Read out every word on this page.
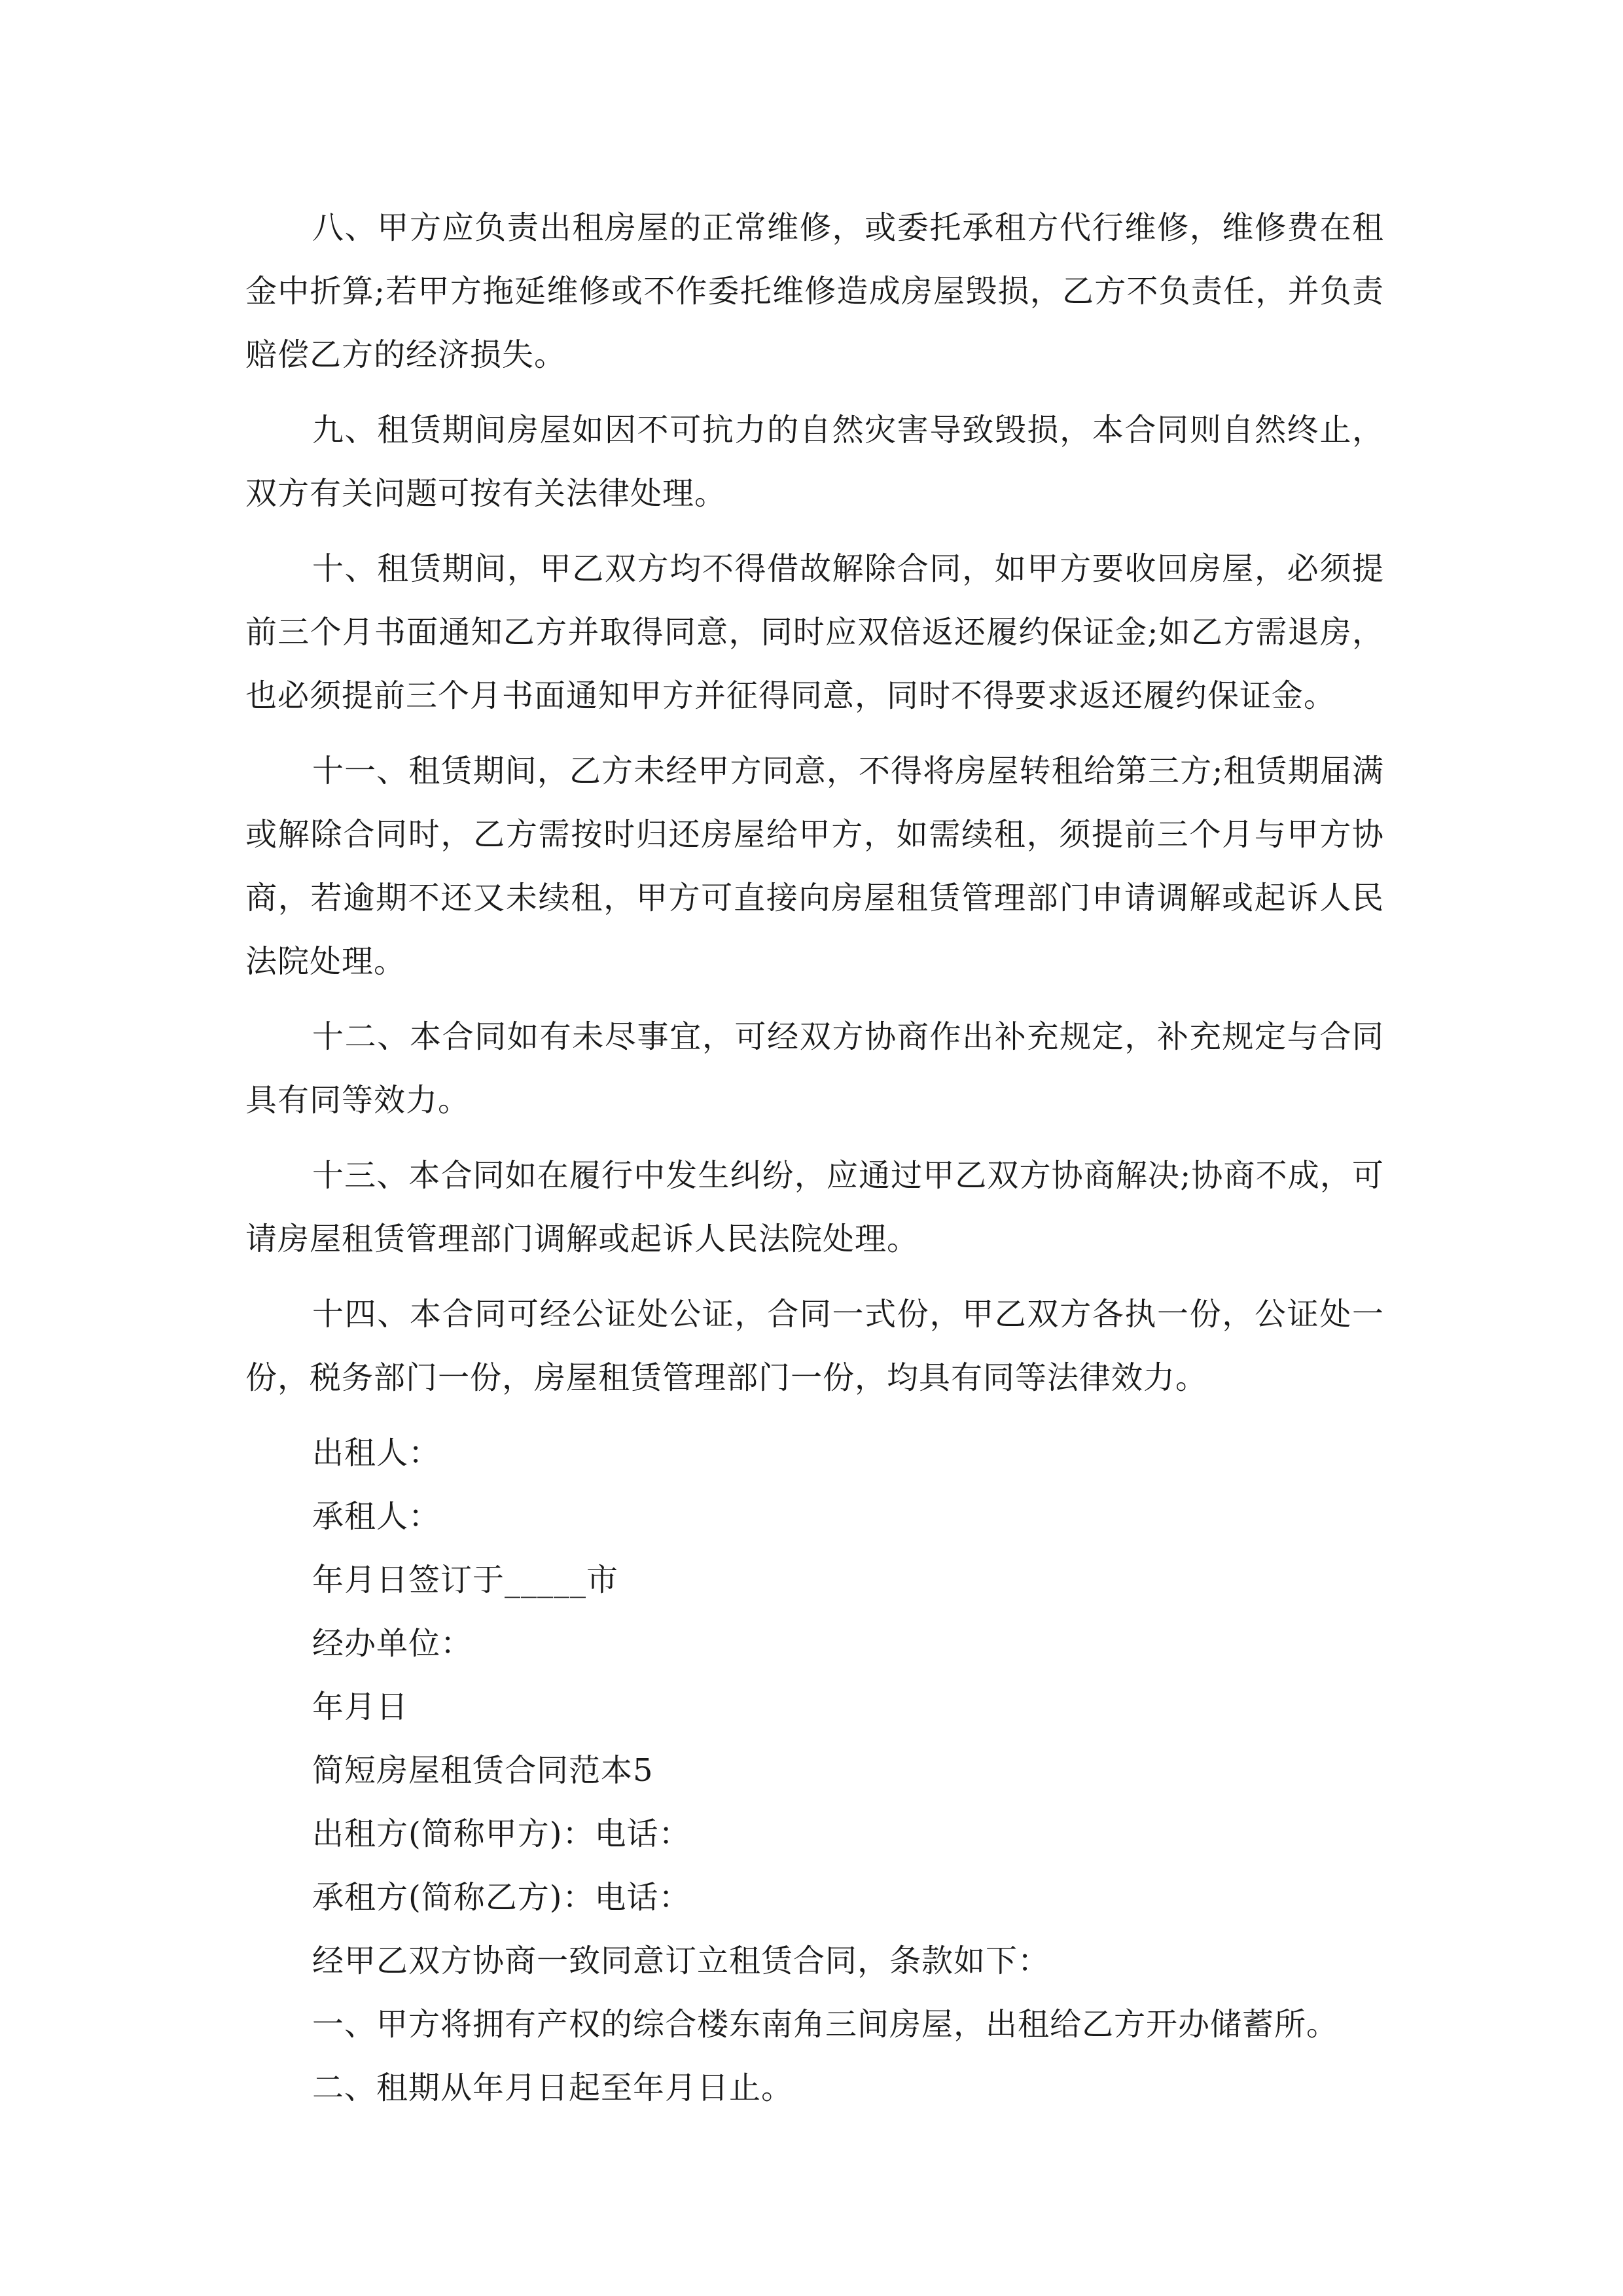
八、甲方应负责出租房屋的正常维修，或委托承租方代行维修，维修费在租金中折算;若甲方拖延维修或不作委托维修造成房屋毁损，乙方不负责任，并负责赔偿乙方的经济损失。

九、租赁期间房屋如因不可抗力的自然灾害导致毁损，本合同则自然终止，双方有关问题可按有关法律处理。

十、租赁期间，甲乙双方均不得借故解除合同，如甲方要收回房屋，必须提前三个月书面通知乙方并取得同意，同时应双倍返还履约保证金;如乙方需退房，也必须提前三个月书面通知甲方并征得同意，同时不得要求返还履约保证金。

十一、租赁期间，乙方未经甲方同意，不得将房屋转租给第三方;租赁期届满或解除合同时，乙方需按时归还房屋给甲方，如需续租，须提前三个月与甲方协商，若逾期不还又未续租，甲方可直接向房屋租赁管理部门申请调解或起诉人民法院处理。

十二、本合同如有未尽事宜，可经双方协商作出补充规定，补充规定与合同具有同等效力。

十三、本合同如在履行中发生纠纷，应通过甲乙双方协商解决;协商不成，可请房屋租赁管理部门调解或起诉人民法院处理。

十四、本合同可经公证处公证，合同一式份，甲乙双方各执一份，公证处一份，税务部门一份，房屋租赁管理部门一份，均具有同等法律效力。

出租人：

承租人：

年月日签订于_____市

经办单位：

年月日

简短房屋租赁合同范本5

出租方(简称甲方)：电话：

承租方(简称乙方)：电话：

经甲乙双方协商一致同意订立租赁合同，条款如下：

一、甲方将拥有产权的综合楼东南角三间房屋，出租给乙方开办储蓄所。

二、租期从年月日起至年月日止。
